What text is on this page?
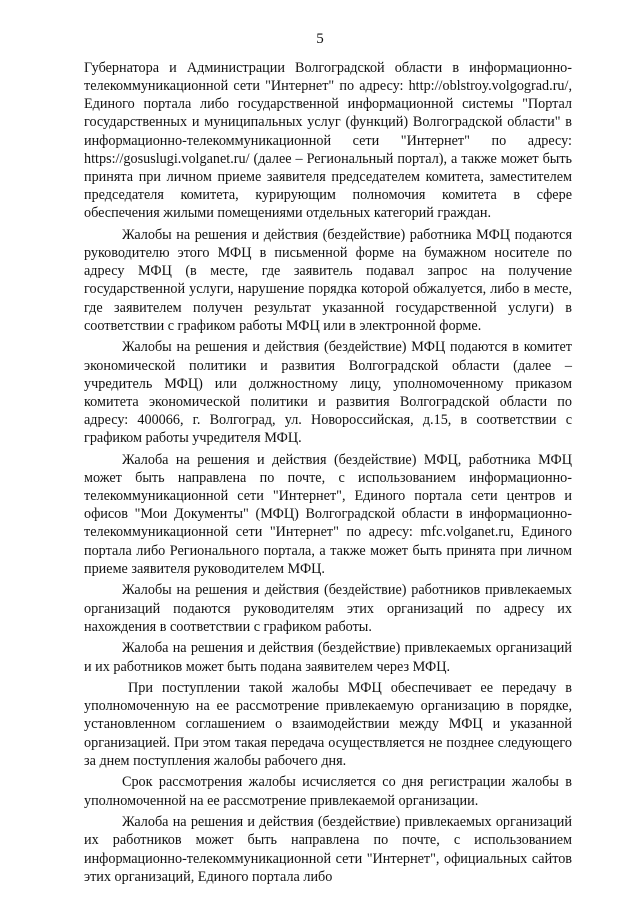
5

Губернатора и Администрации Волгоградской области в информационно-телекоммуникационной сети "Интернет" по адресу: http://oblstroy.volgograd.ru/, Единого портала либо государственной информационной системы "Портал государственных и муниципальных услуг (функций) Волгоградской области" в информационно-телекоммуникационной сети "Интернет" по адресу: https://gosuslugi.volganet.ru/ (далее – Региональный портал), а также может быть принята при личном приеме заявителя председателем комитета, заместителем председателя комитета, курирующим полномочия комитета в сфере обеспечения жилыми помещениями отдельных категорий граждан.

Жалобы на решения и действия (бездействие) работника МФЦ подаются руководителю этого МФЦ в письменной форме на бумажном носителе по адресу МФЦ (в месте, где заявитель подавал запрос на получение государственной услуги, нарушение порядка которой обжалуется, либо в месте, где заявителем получен результат указанной государственной услуги) в соответствии с графиком работы МФЦ или в электронной форме.

Жалобы на решения и действия (бездействие) МФЦ подаются в комитет экономической политики и развития Волгоградской области (далее – учредитель МФЦ) или должностному лицу, уполномоченному приказом комитета экономической политики и развития Волгоградской области по адресу: 400066, г. Волгоград, ул. Новороссийская, д.15, в соответствии с графиком работы учредителя МФЦ.

Жалоба на решения и действия (бездействие) МФЦ, работника МФЦ может быть направлена по почте, с использованием информационно-телекоммуникационной сети "Интернет", Единого портала сети центров и офисов "Мои Документы" (МФЦ) Волгоградской области в информационно-телекоммуникационной сети "Интернет" по адресу: mfc.volganet.ru, Единого портала либо Регионального портала, а также может быть принята при личном приеме заявителя руководителем МФЦ.

Жалобы на решения и действия (бездействие) работников привлекаемых организаций подаются руководителям этих организаций по адресу их нахождения в соответствии с графиком работы.

Жалоба на решения и действия (бездействие) привлекаемых организаций и их работников может быть подана заявителем через МФЦ.

При поступлении такой жалобы МФЦ обеспечивает ее передачу в уполномоченную на ее рассмотрение привлекаемую организацию в порядке, установленном соглашением о взаимодействии между МФЦ и указанной организацией. При этом такая передача осуществляется не позднее следующего за днем поступления жалобы рабочего дня.

Срок рассмотрения жалобы исчисляется со дня регистрации жалобы в уполномоченной на ее рассмотрение привлекаемой организации.

Жалоба на решения и действия (бездействие) привлекаемых организаций их работников может быть направлена по почте, с использованием информационно-телекоммуникационной сети "Интернет", официальных сайтов этих организаций, Единого портала либо
